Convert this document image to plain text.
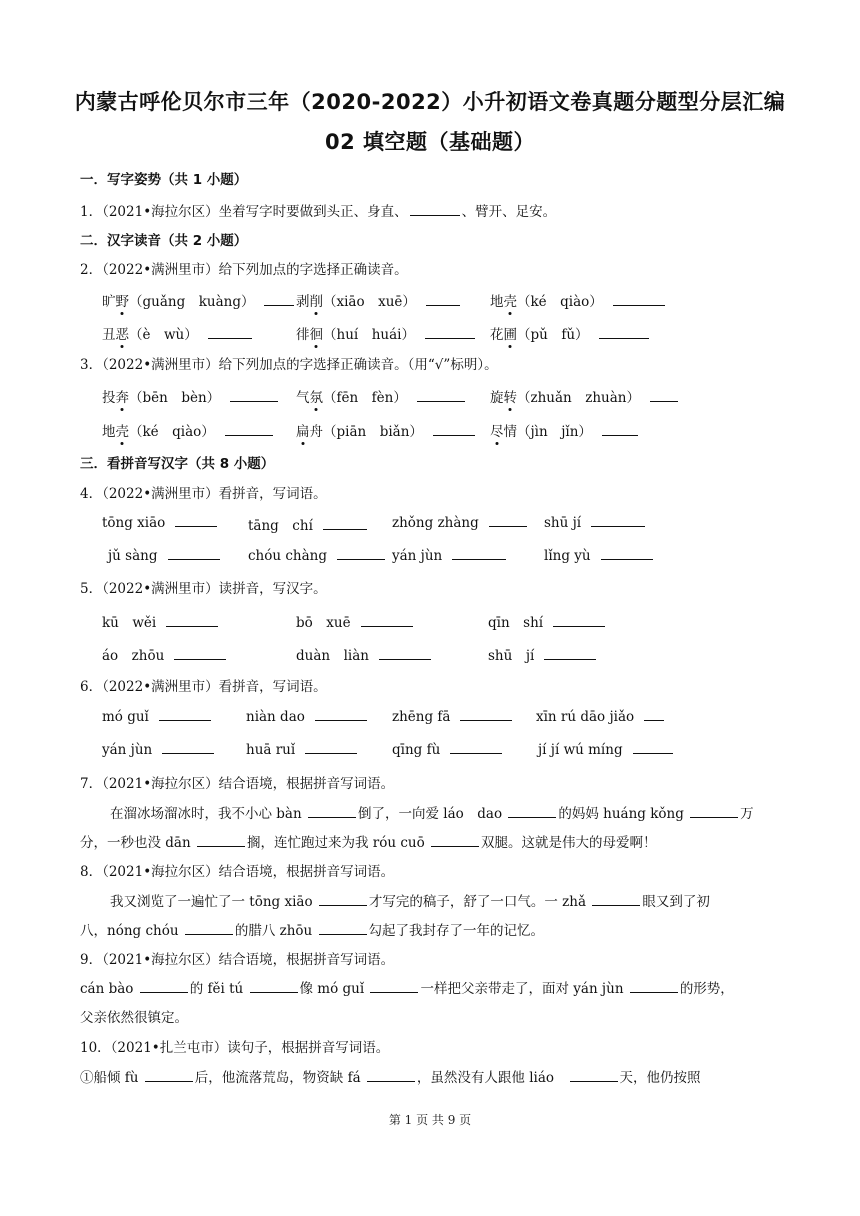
内蒙古呼伦贝尔市三年（2020-2022）小升初语文卷真题分题型分层汇编
02 填空题（基础题）
一．写字姿势（共 1 小题）
1．（2021•海拉尔区）坐着写字时要做到头正、身直、	、臂开、足安。
二．汉字读音（共 2 小题）
2．（2022•满洲里市）给下列加点的字选择正确读音。
旷野（guǎng　kuàng）	剥削（xiāo　xuē）	地壳（ké　qiào）
丑恶（è　wù）	徘徊（huí　huái）	花圃（pǔ　fǔ）
3．（2022•满洲里市）给下列加点的字选择正确读音。（用“√”标明）。
投奔（bēn　bèn）	气氛（fēn　fèn）	旋转（zhuǎn　zhuàn）
地壳（ké　qiào）	扁舟（piān　biǎn）	尽情（jìn　jǐn）
三．看拼音写汉字（共 8 小题）
4．（2022•满洲里市）看拼音，写词语。
tōng xiāo	tāng　chí	zhǒng zhàng	shū jí
jǔ sàng	chóu chàng	yán jùn	lǐng yù
5．（2022•满洲里市）读拼音，写汉字。
kū　wěi	bō　xuē	qīn　shí
áo　zhōu	duàn　liàn	shū　jí
6．（2022•满洲里市）看拼音，写词语。
mó guǐ	niàn dao	zhēng fā	xīn rú dāo jiǎo
yán jùn	huā ruǐ	qīng fù	jí jí wú míng
7．（2021•海拉尔区）结合语境，根据拼音写词语。
在溜冰场溜冰时，我不小心 bàn	倒了，一向爱 láo　dao	的妈妈 huáng kǒng	万
分，一秒也没 dān	搁，连忙跑过来为我 róu cuō	双腿。这就是伟大的母爱啊！
8．（2021•海拉尔区）结合语境，根据拼音写词语。
我又浏览了一遍忙了一 tōng xiāo	才写完的稿子，舒了一口气。一 zhǎ	眼又到了初
八，nóng chóu	的腊八 zhōu	勾起了我封存了一年的记忆。
9．（2021•海拉尔区）结合语境，根据拼音写词语。
cán bào	的 fěi tú	像 mó guǐ	一样把父亲带走了，面对 yán jùn	的形势，
父亲依然很镇定。
10．（2021•扎兰屯市）读句子，根据拼音写词语。
①船倾 fù	后，他流落荒岛，物资缺 fá	，虽然没有人跟他 liáo　	天，他仍按照
第 1 页 共 9 页
